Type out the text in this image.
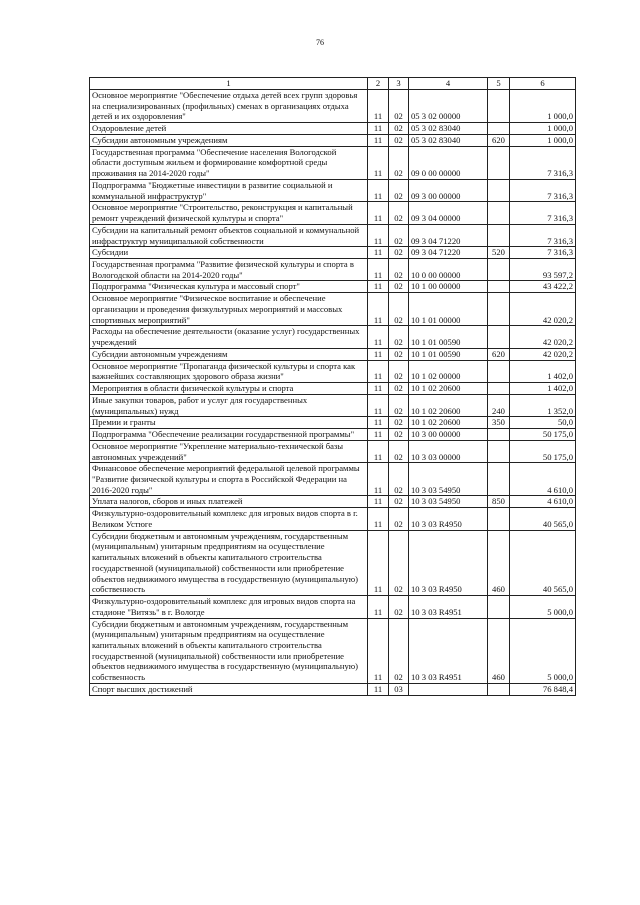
76
1	2	3	4	5	6
Основное мероприятие "Обеспечение отдыха детей всех групп здоровья на специализированных (профильных) сменах в организациях отдыха детей и их оздоровления"	11	02	05 3 02 00000		1 000,0
Оздоровление детей	11	02	05 3 02 83040		1 000,0
Субсидии автономным учреждениям	11	02	05 3 02 83040	620	1 000,0
Государственная программа "Обеспечение населения Вологодской области доступным жильем и формирование комфортной среды проживания на 2014-2020 годы"	11	02	09 0 00 00000		7 316,3
Подпрограмма "Бюджетные инвестиции в развитие социальной и коммунальной инфраструктур"	11	02	09 3 00 00000		7 316,3
Основное мероприятие "Строительство, реконструкция и капитальный ремонт учреждений физической культуры и спорта"	11	02	09 3 04 00000		7 316,3
Субсидии на капитальный ремонт объектов социальной и коммунальной инфраструктур муниципальной собственности	11	02	09 3 04 71220		7 316,3
Субсидии	11	02	09 3 04 71220	520	7 316,3
Государственная программа "Развитие физической культуры и спорта в Вологодской области на 2014-2020 годы"	11	02	10 0 00 00000		93 597,2
Подпрограмма "Физическая культура и массовый спорт"	11	02	10 1 00 00000		43 422,2
Основное мероприятие "Физическое воспитание и обеспечение организации и проведения физкультурных мероприятий и массовых спортивных мероприятий"	11	02	10 1 01 00000		42 020,2
Расходы на обеспечение деятельности (оказание услуг) государственных учреждений	11	02	10 1 01 00590		42 020,2
Субсидии автономным учреждениям	11	02	10 1 01 00590	620	42 020,2
Основное мероприятие "Пропаганда физической культуры и спорта как важнейших составляющих здорового образа жизни"	11	02	10 1 02 00000		1 402,0
Мероприятия в области физической культуры и спорта	11	02	10 1 02 20600		1 402,0
Иные закупки товаров, работ и услуг для государственных (муниципальных) нужд	11	02	10 1 02 20600	240	1 352,0
Премии и гранты	11	02	10 1 02 20600	350	50,0
Подпрограмма "Обеспечение реализации государственной программы"	11	02	10 3 00 00000		50 175,0
Основное мероприятие "Укрепление материально-технической базы автономных учреждений"	11	02	10 3 03 00000		50 175,0
Финансовое обеспечение мероприятий федеральной целевой программы "Развитие физической культуры и спорта в Российской Федерации на 2016-2020 годы"	11	02	10 3 03 54950		4 610,0
Уплата налогов, сборов и иных платежей	11	02	10 3 03 54950	850	4 610,0
Физкультурно-оздоровительный комплекс для игровых видов спорта в г. Великом Устюге	11	02	10 3 03 R4950		40 565,0
Субсидии бюджетным и автономным учреждениям, государственным (муниципальным) унитарным предприятиям на осуществление капитальных вложений в объекты капитального строительства государственной (муниципальной) собственности или приобретение объектов недвижимого имущества в государственную (муниципальную) собственность	11	02	10 3 03 R4950	460	40 565,0
Физкультурно-оздоровительный комплекс для игровых видов спорта на стадионе "Витязь" в г. Вологде	11	02	10 3 03 R4951		5 000,0
Субсидии бюджетным и автономным учреждениям, государственным (муниципальным) унитарным предприятиям на осуществление капитальных вложений в объекты капитального строительства государственной (муниципальной) собственности или приобретение объектов недвижимого имущества в государственную (муниципальную) собственность	11	02	10 3 03 R4951	460	5 000,0
Спорт высших достижений	11	03			76 848,4
